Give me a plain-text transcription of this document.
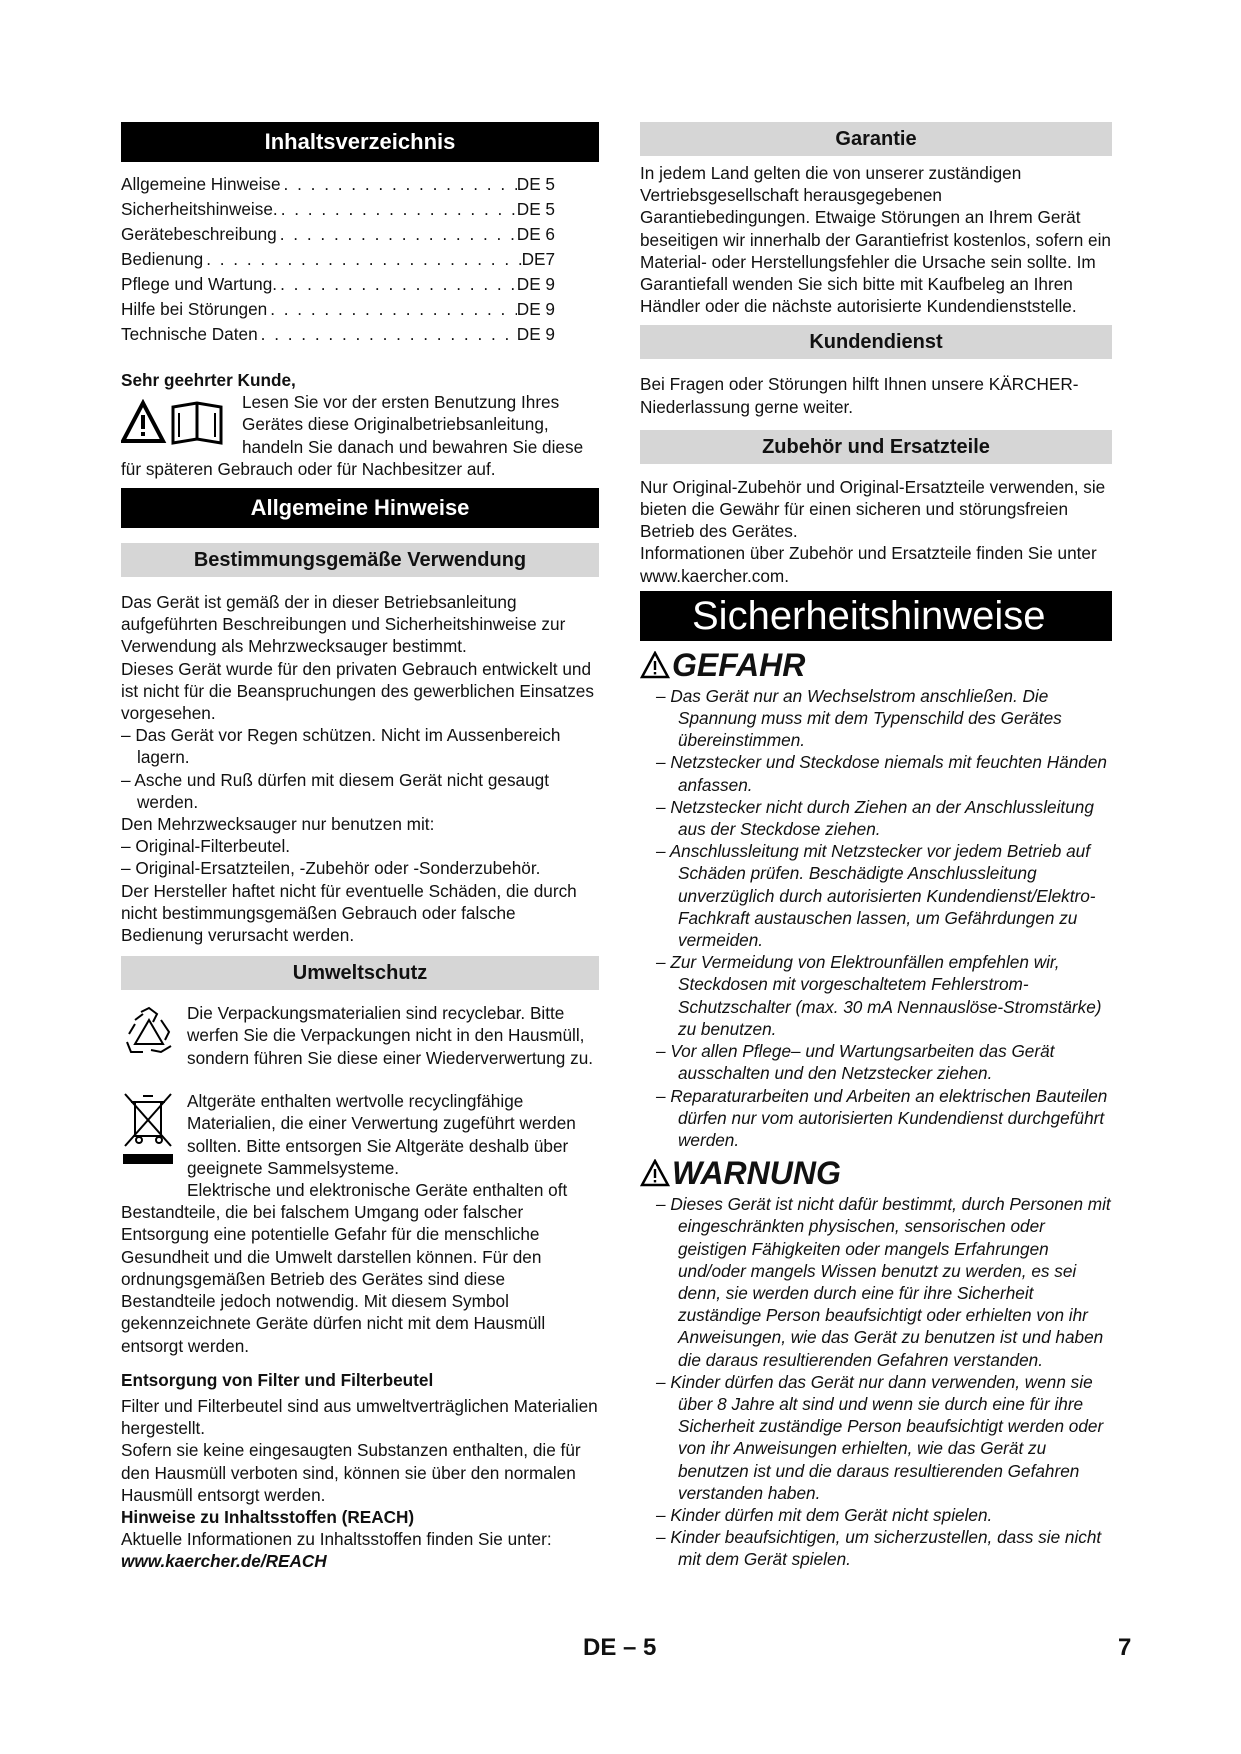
Inhaltsverzeichnis
Allgemeine Hinweise . . .	DE 5
Sicherheitshinweise. . . .	DE 5
Gerätebeschreibung . . .	DE 6
Bedienung . . .	DE7
Pflege und Wartung. . . .	DE 9
Hilfe bei Störungen . . .	DE 9
Technische Daten . . .	DE 9

Sehr geehrter Kunde,

Lesen Sie vor der ersten Benutzung Ihres Gerätes diese Originalbetriebsanleitung, handeln Sie danach und bewahren Sie diese für späteren Gebrauch oder für Nachbesitzer auf.

Allgemeine Hinweise
Bestimmungsgemäße Verwendung

Das Gerät ist gemäß der in dieser Betriebsanleitung aufgeführten Beschreibungen und Sicherheitshinweise zur Verwendung als Mehrzwecksauger bestimmt.

Dieses Gerät wurde für den privaten Gebrauch entwickelt und ist nicht für die Beanspruchungen des gewerblichen Einsatzes vorgesehen.

– Das Gerät vor Regen schützen. Nicht im Aussenbereich lagern.

– Asche und Ruß dürfen mit diesem Gerät nicht gesaugt werden.

Den Mehrzwecksauger nur benutzen mit:

– Original-Filterbeutel.

– Original-Ersatzteilen, -Zubehör oder -Sonderzubehör.

Der Hersteller haftet nicht für eventuelle Schäden, die durch nicht bestimmungsgemäßen Gebrauch oder falsche Bedienung verursacht werden.

Umweltschutz

Die Verpackungsmaterialien sind recyclebar. Bitte werfen Sie die Verpackungen nicht in den Hausmüll, sondern führen Sie diese einer Wiederverwertung zu.

Altgeräte enthalten wertvolle recyclingfähige Materialien, die einer Verwertung zugeführt werden sollten. Bitte entsorgen Sie Altgeräte deshalb über geeignete Sammelsysteme.

Elektrische und elektronische Geräte enthalten oft Bestandteile, die bei falschem Umgang oder falscher Entsorgung eine potentielle Gefahr für die menschliche Gesundheit und die Umwelt darstellen können. Für den ordnungsgemäßen Betrieb des Gerätes sind diese Bestandteile jedoch notwendig. Mit diesem Symbol gekennzeichnete Geräte dürfen nicht mit dem Hausmüll entsorgt werden.

Entsorgung von Filter und Filterbeutel

Filter und Filterbeutel sind aus umweltverträglichen Materialien hergestellt.

Sofern sie keine eingesaugten Substanzen enthalten, die für den Hausmüll verboten sind, können sie über den normalen Hausmüll entsorgt werden.

Hinweise zu Inhaltsstoffen (REACH)

Aktuelle Informationen zu Inhaltsstoffen finden Sie unter:

www.kaercher.de/REACH

Garantie

In jedem Land gelten die von unserer zuständigen Vertriebsgesellschaft herausgegebenen Garantiebedingungen. Etwaige Störungen an Ihrem Gerät beseitigen wir innerhalb der Garantiefrist kostenlos, sofern ein Material- oder Herstellungsfehler die Ursache sein sollte. Im Garantiefall wenden Sie sich bitte mit Kaufbeleg an Ihren Händler oder die nächste autorisierte Kundendienststelle.

Kundendienst

Bei Fragen oder Störungen hilft Ihnen unsere KÄRCHER-Niederlassung gerne weiter.

Zubehör und Ersatzteile

Nur Original-Zubehör und Original-Ersatzteile verwenden, sie bieten die Gewähr für einen sicheren und störungsfreien Betrieb des Gerätes.

Informationen über Zubehör und Ersatzteile finden Sie unter www.kaercher.com.

Sicherheitshinweise
GEFAHR

– Das Gerät nur an Wechselstrom anschließen. Die Spannung muss mit dem Typenschild des Gerätes übereinstimmen.

– Netzstecker und Steckdose niemals mit feuchten Händen anfassen.

– Netzstecker nicht durch Ziehen an der Anschlussleitung aus der Steckdose ziehen.

– Anschlussleitung mit Netzstecker vor jedem Betrieb auf Schäden prüfen. Beschädigte Anschlussleitung unverzüglich durch autorisierten Kundendienst/Elektro-Fachkraft austauschen lassen, um Gefährdungen zu vermeiden.

– Zur Vermeidung von Elektrounfällen empfehlen wir, Steckdosen mit vorgeschaltetem Fehlerstrom-Schutzschalter (max. 30 mA Nennauslöse-Stromstärke) zu benutzen.

– Vor allen Pflege– und Wartungsarbeiten das Gerät ausschalten und den Netzstecker ziehen.

– Reparaturarbeiten und Arbeiten an elektrischen Bauteilen dürfen nur vom autorisierten Kundendienst durchgeführt werden.

WARNUNG

– Dieses Gerät ist nicht dafür bestimmt, durch Personen mit eingeschränkten physischen, sensorischen oder geistigen Fähigkeiten oder mangels Erfahrungen und/oder mangels Wissen benutzt zu werden, es sei denn, sie werden durch eine für ihre Sicherheit zuständige Person beaufsichtigt oder erhielten von ihr Anweisungen, wie das Gerät zu benutzen ist und haben die daraus resultierenden Gefahren verstanden.

– Kinder dürfen das Gerät nur dann verwenden, wenn sie über 8 Jahre alt sind und wenn sie durch eine für ihre Sicherheit zuständige Person beaufsichtigt werden oder von ihr Anweisungen erhielten, wie das Gerät zu benutzen ist und die daraus resultierenden Gefahren verstanden haben.

– Kinder dürfen mit dem Gerät nicht spielen.

– Kinder beaufsichtigen, um sicherzustellen, dass sie nicht mit dem Gerät spielen.

DE – 5	7
